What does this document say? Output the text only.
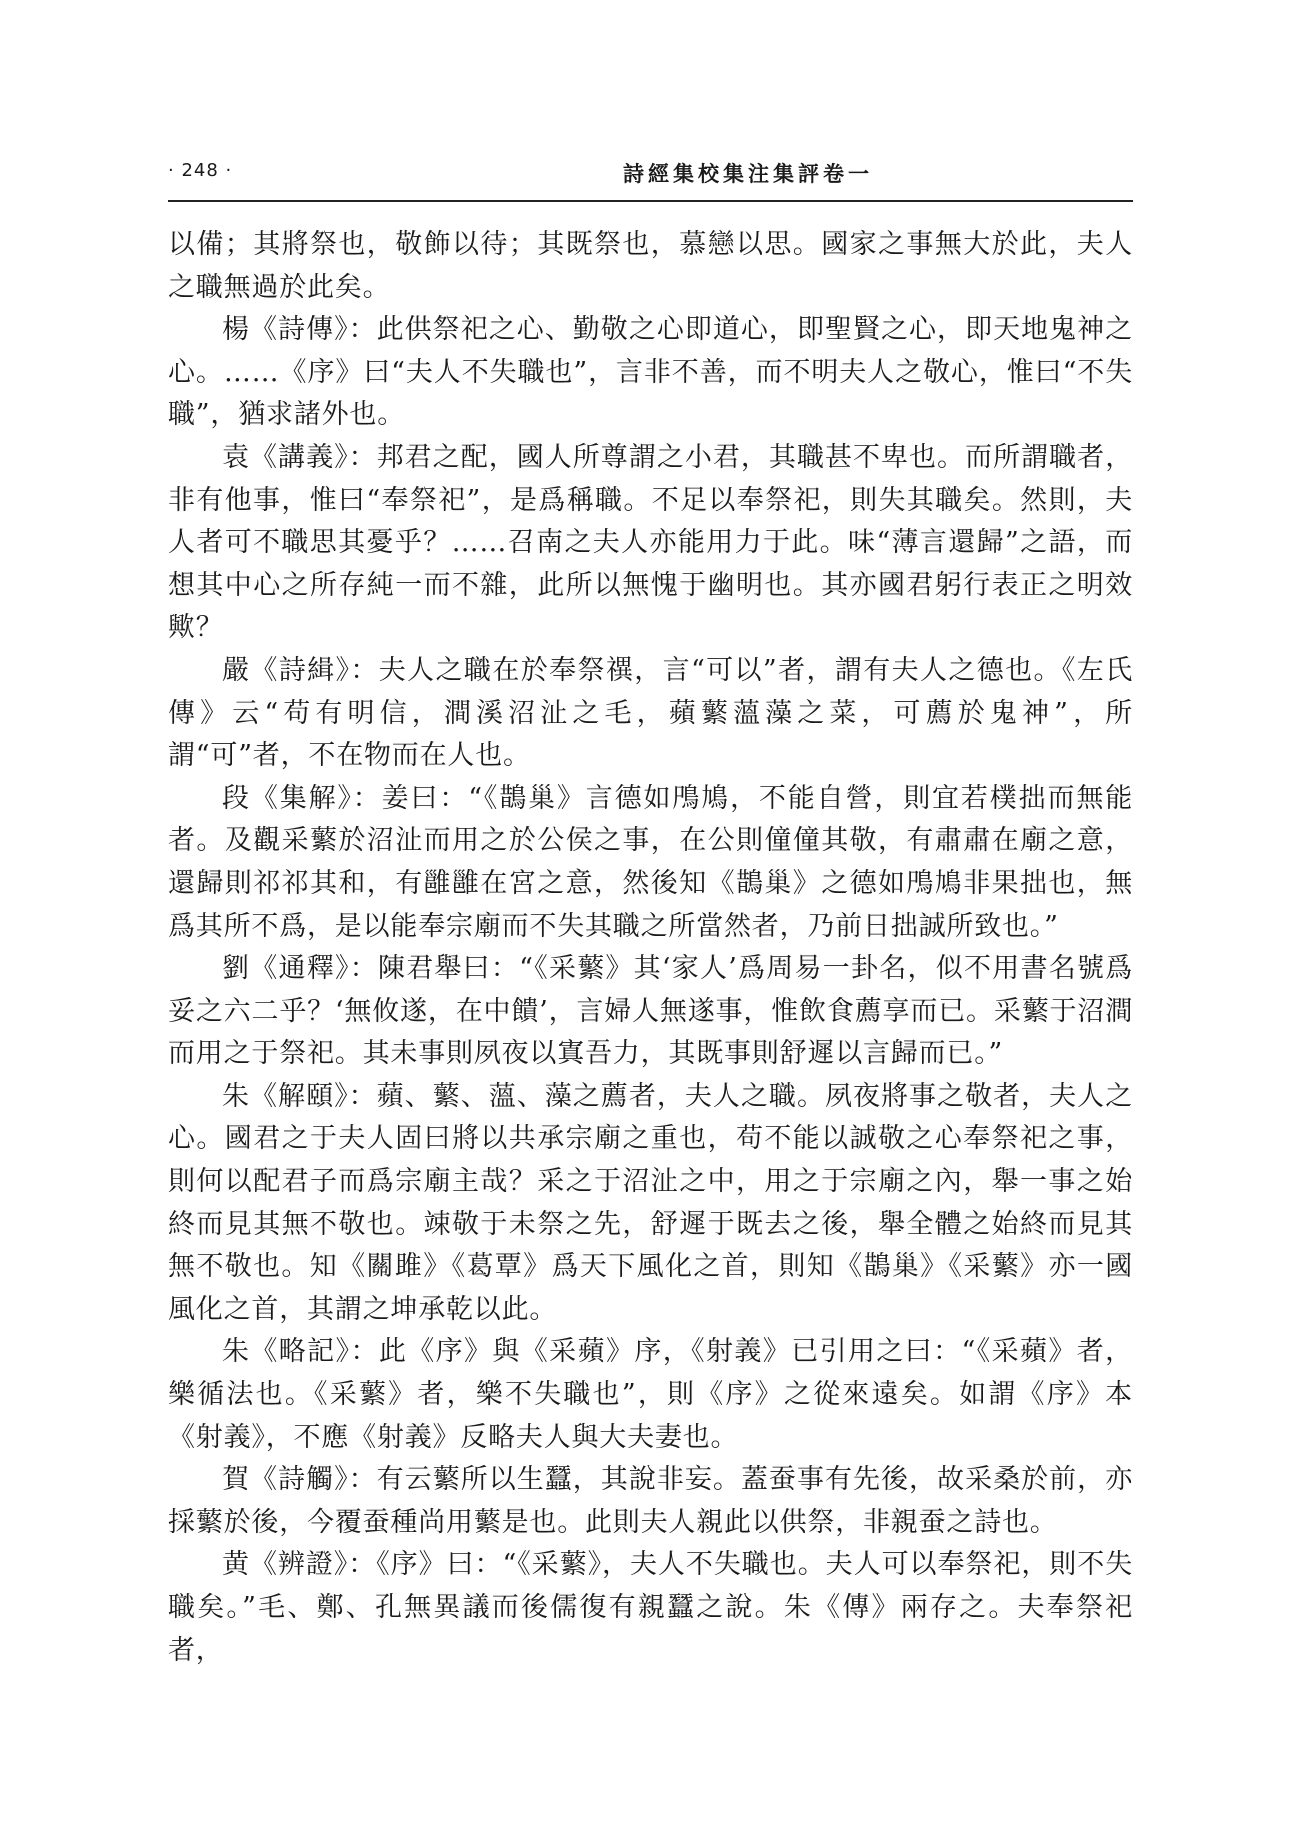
· 248 ·	詩經集校集注集評卷一

以備；其將祭也，敬飾以待；其既祭也，慕戀以思。國家之事無大於此，夫人之職無過於此矣。

楊《詩傳》：此供祭祀之心、勤敬之心即道心，即聖賢之心，即天地鬼神之心。……《序》曰“夫人不失職也”，言非不善，而不明夫人之敬心，惟曰“不失職”，猶求諸外也。

袁《講義》：邦君之配，國人所尊謂之小君，其職甚不卑也。而所謂職者，非有他事，惟曰“奉祭祀”，是爲稱職。不足以奉祭祀，則失其職矣。然則，夫人者可不職思其憂乎？……召南之夫人亦能用力于此。味“薄言還歸”之語，而想其中心之所存純一而不雜，此所以無愧于幽明也。其亦國君躬行表正之明效歟？

嚴《詩緝》：夫人之職在於奉祭禩，言“可以”者，謂有夫人之德也。《左氏傳》云“苟有明信，澗溪沼沚之毛，蘋蘩薀藻之菜，可薦於鬼神”，所謂“可”者，不在物而在人也。

段《集解》：姜曰：“《鵲巢》言德如鳲鳩，不能自營，則宜若樸拙而無能者。及觀采蘩於沼沚而用之於公侯之事，在公則僮僮其敬，有肅肅在廟之意，還歸則祁祁其和，有雝雝在宮之意，然後知《鵲巢》之德如鳲鳩非果拙也，無爲其所不爲，是以能奉宗廟而不失其職之所當然者，乃前日拙誠所致也。”

劉《通釋》：陳君舉曰：“《采蘩》其‘家人’爲周易一卦名，似不用書名號爲妥之六二乎？‘無攸遂，在中饋’，言婦人無遂事，惟飲食薦享而已。采蘩于沼澗而用之于祭祀。其未事則夙夜以寘吾力，其既事則舒遲以言歸而已。”

朱《解頤》：蘋、蘩、薀、藻之薦者，夫人之職。夙夜將事之敬者，夫人之心。國君之于夫人固曰將以共承宗廟之重也，苟不能以誠敬之心奉祭祀之事，則何以配君子而爲宗廟主哉？采之于沼沚之中，用之于宗廟之內，舉一事之始終而見其無不敬也。竦敬于未祭之先，舒遲于既去之後，舉全體之始終而見其無不敬也。知《關雎》《葛覃》爲天下風化之首，則知《鵲巢》《采蘩》亦一國風化之首，其謂之坤承乾以此。

朱《略記》：此《序》與《采蘋》序，《射義》已引用之曰：“《采蘋》者，樂循法也。《采蘩》者，樂不失職也”，則《序》之從來遠矣。如謂《序》本《射義》，不應《射義》反略夫人與大夫妻也。

賀《詩觸》：有云蘩所以生蠶，其說非妄。蓋蚕事有先後，故采桑於前，亦採蘩於後，今覆蚕種尚用蘩是也。此則夫人親此以供祭，非親蚕之詩也。

黄《辨證》：《序》曰：“《采蘩》，夫人不失職也。夫人可以奉祭祀，則不失職矣。”毛、鄭、孔無異議而後儒復有親蠶之說。朱《傳》兩存之。夫奉祭祀者，
